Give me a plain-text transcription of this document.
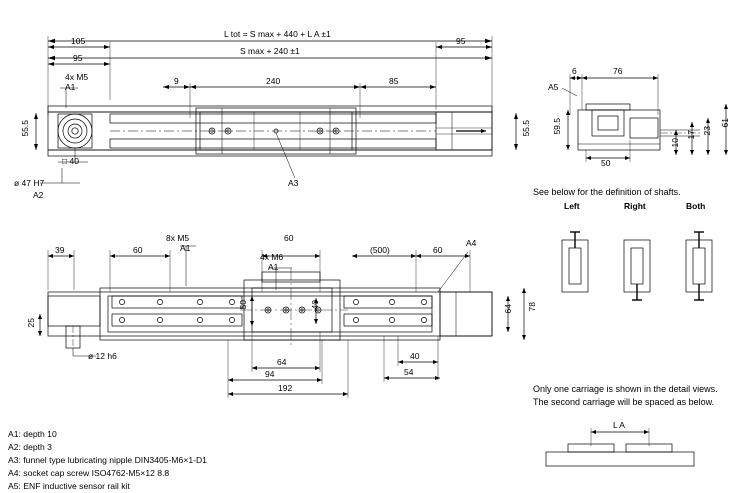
L tot = S max + 440 + L A ±1
S max + 240 ±1
105
95
4x M5
A1
9	240	85
95
55.5	55.5
□ 40
ø 47 H7
A2
A3
6	76
A5
59.5
50
10
17 23
61
See below for the definition of shafts.
Left	Right	Both
39	60
8x M5
A1
60
4x M6
A1
(500)	60
A4
25
ø 12 h6
50	40	64 78
64
94
192
40
54
Only one carriage is shown in the detail views.
The second carriage will be spaced as below.
L A
A1: depth 10
A2: depth 3
A3: funnel type lubricating nipple DIN3405-M6×1-D1
A4: socket cap screw ISO4762-M5×12 8.8
A5: ENF inductive sensor rail kit
